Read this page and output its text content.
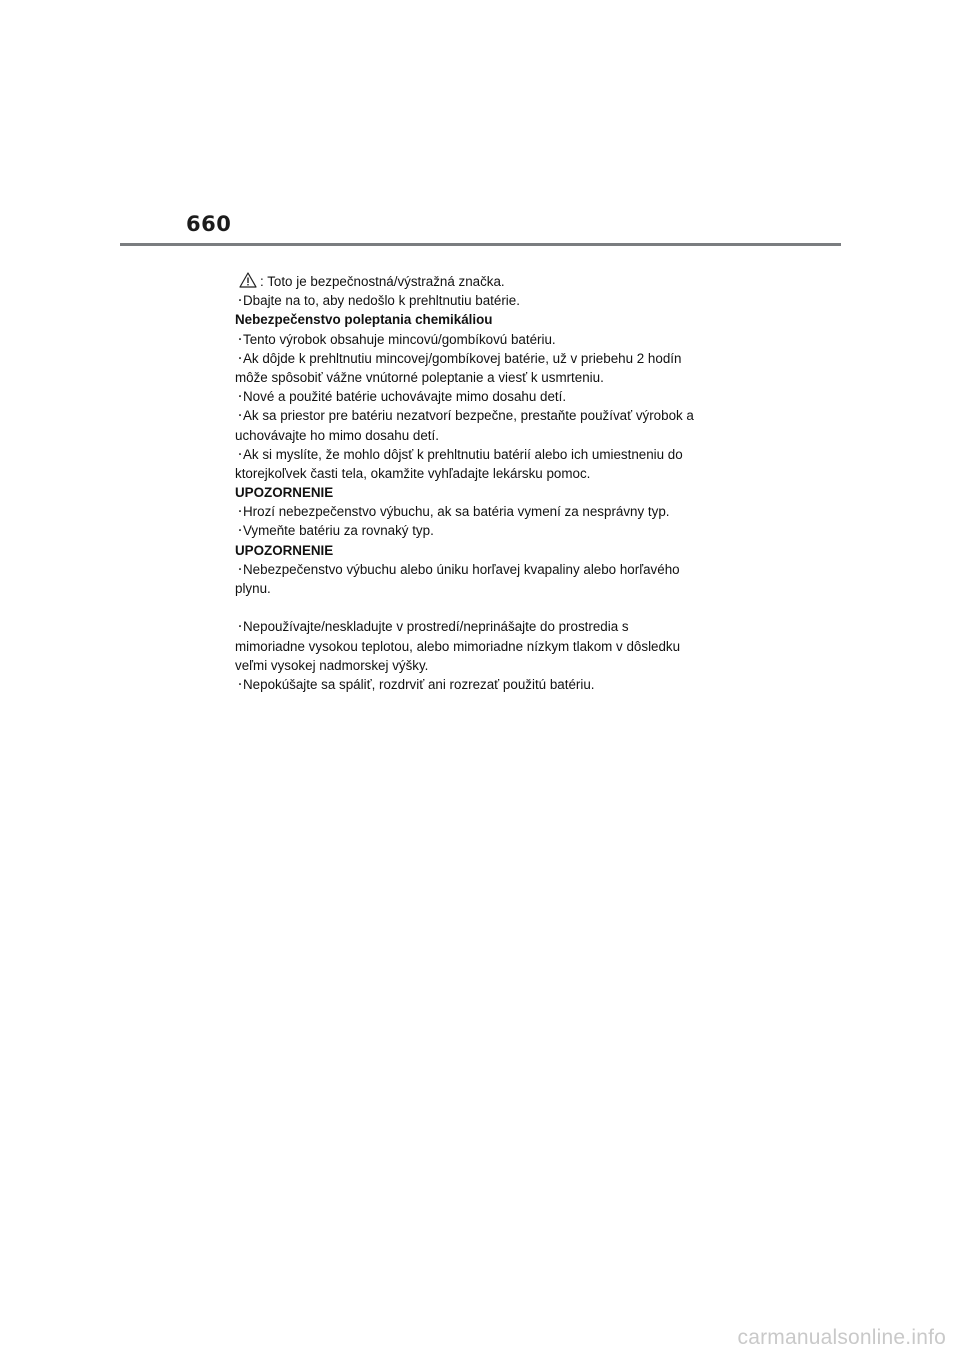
660
: Toto je bezpečnostná/výstražná značka.
・Dbajte na to, aby nedošlo k prehltnutiu batérie.
Nebezpečenstvo poleptania chemikáliou
・Tento výrobok obsahuje mincovú/gombíkovú batériu.
・Ak dôjde k prehltnutiu mincovej/gombíkovej batérie, už v priebehu 2 hodín
môže spôsobiť vážne vnútorné poleptanie a viesť k usmrteniu.
・Nové a použité batérie uchovávajte mimo dosahu detí.
・Ak sa priestor pre batériu nezatvorí bezpečne, prestaňte používať výrobok a
uchovávajte ho mimo dosahu detí.
・Ak si myslíte, že mohlo dôjsť k prehltnutiu batérií alebo ich umiestneniu do
ktorejkoľvek časti tela, okamžite vyhľadajte lekársku pomoc.
UPOZORNENIE
・Hrozí nebezpečenstvo výbuchu, ak sa batéria vymení za nesprávny typ.
・Vymeňte batériu za rovnaký typ.
UPOZORNENIE
・Nebezpečenstvo výbuchu alebo úniku horľavej kvapaliny alebo horľavého
plynu.
・Nepoužívajte/neskladujte v prostredí/neprinášajte do prostredia s
mimoriadne vysokou teplotou, alebo mimoriadne nízkym tlakom v dôsledku
veľmi vysokej nadmorskej výšky.
・Nepokúšajte sa spáliť, rozdrviť ani rozrezať použitú batériu.
carmanualsonline.info
